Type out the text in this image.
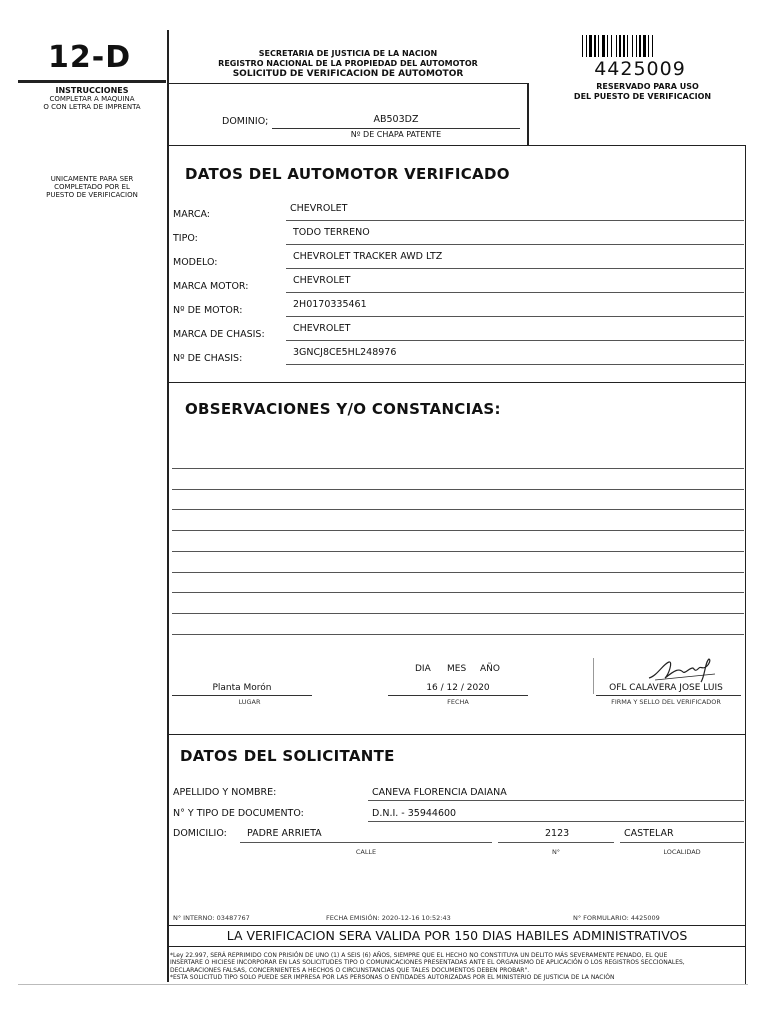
12-D
INSTRUCCIONES
COMPLETAR A MAQUINA
O CON LETRA DE IMPRENTA
SECRETARIA DE JUSTICIA DE LA NACION
REGISTRO NACIONAL DE LA PROPIEDAD DEL AUTOMOTOR
SOLICITUD DE VERIFICACION DE AUTOMOTOR	4425009
RESERVADO PARA USO
DEL PUESTO DE VERIFICACION
DOMINIO;	AB503DZ
Nº DE CHAPA PATENTE
UNICAMENTE PARA SER
COMPLETADO POR EL
PUESTO DE VERIFICACION
DATOS DEL AUTOMOTOR VERIFICADO
MARCA:
CHEVROLET
TIPO:
TODO TERRENO
MODELO:
CHEVROLET TRACKER AWD LTZ
MARCA MOTOR:
CHEVROLET
Nº DE MOTOR:
2H0170335461
MARCA DE CHASIS:
CHEVROLET
Nº DE CHASIS:
3GNCJ8CE5HL248976
OBSERVACIONES Y/O CONSTANCIAS:
DIA MES AÑO
Planta Morón
LUGAR
16 / 12 / 2020
FECHA
OFL CALAVERA JOSE LUIS
FIRMA Y SELLO DEL VERIFICADOR
DATOS DEL SOLICITANTE
APELLIDO Y NOMBRE:	CANEVA FLORENCIA DAIANA
N° Y TIPO DE DOCUMENTO:	D.N.I. - 35944600
DOMICILIO: PADRE ARRIETA
CALLE
2123
N°
CASTELAR
LOCALIDAD
N° INTERNO: 03487767	FECHA EMISIÓN: 2020-12-16 10:52:43	N° FORMULARIO: 4425009
LA VERIFICACION SERA VALIDA POR 150 DIAS HABILES ADMINISTRATIVOS
*Ley 22.997, SERÁ REPRIMIDO CON PRISIÓN DE UNO (1) A SEIS (6) AÑOS, SIEMPRE QUE EL HECHO NO CONSTITUYA UN DELITO MÁS SEVERAMENTE PENADO, EL QUE
INSERTARE O HICIESE INCORPORAR EN LAS SOLICITUDES TIPO O COMUNICACIONES PRESENTADAS ANTE EL ORGANISMO DE APLICACIÓN O LOS REGISTROS SECCIONALES,
DECLARACIONES FALSAS, CONCERNIENTES A HECHOS O CIRCUNSTANCIAS QUE TALES DOCUMENTOS DEBEN PROBAR".
*ESTA SOLICITUD TIPO SOLO PUEDE SER IMPRESA POR LAS PERSONAS O ENTIDADES AUTORIZADAS POR EL MINISTERIO DE JUSTICIA DE LA NACIÓN
